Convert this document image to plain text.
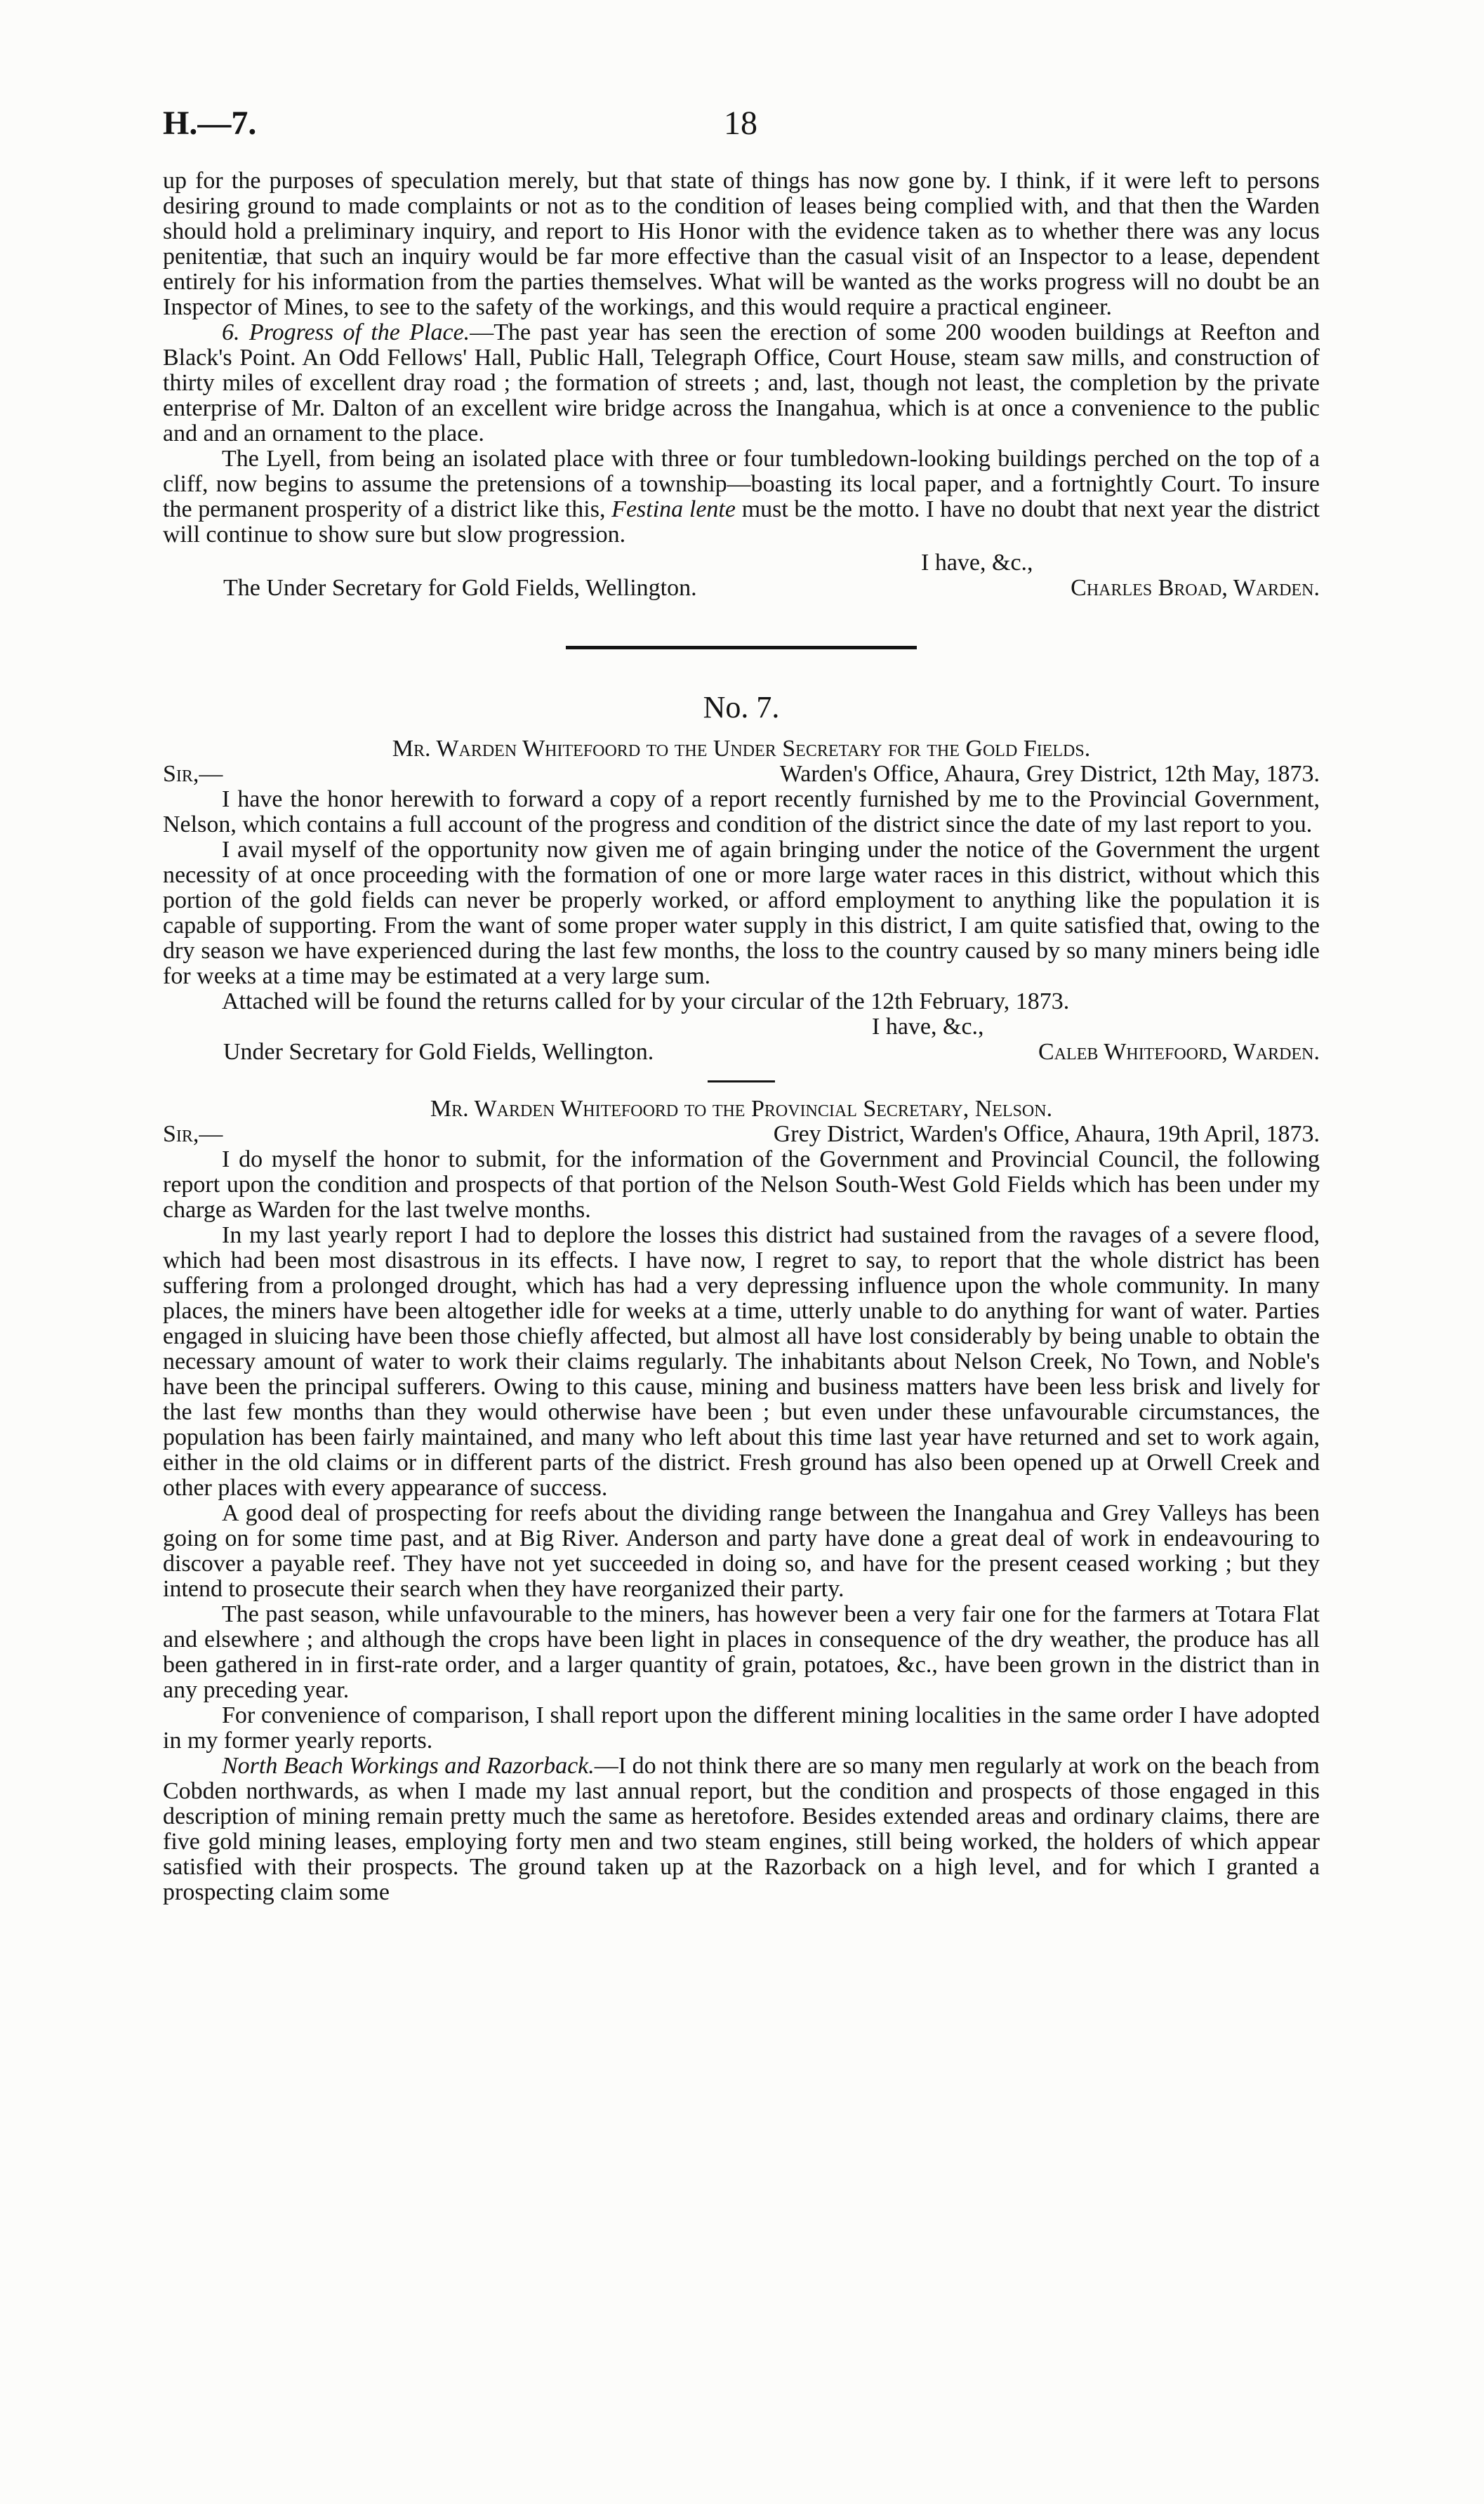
H.—7.	18

up for the purposes of speculation merely, but that state of things has now gone by. I think, if it were left to persons desiring ground to made complaints or not as to the condition of leases being complied with, and that then the Warden should hold a preliminary inquiry, and report to His Honor with the evidence taken as to whether there was any locus penitentiæ, that such an inquiry would be far more effective than the casual visit of an Inspector to a lease, dependent entirely for his information from the parties themselves. What will be wanted as the works progress will no doubt be an Inspector of Mines, to see to the safety of the workings, and this would require a practical engineer.

6. Progress of the Place.—The past year has seen the erection of some 200 wooden buildings at Reefton and Black's Point. An Odd Fellows' Hall, Public Hall, Telegraph Office, Court House, steam saw mills, and construction of thirty miles of excellent dray road ; the formation of streets ; and, last, though not least, the completion by the private enterprise of Mr. Dalton of an excellent wire bridge across the Inangahua, which is at once a convenience to the public and and an ornament to the place.

The Lyell, from being an isolated place with three or four tumbledown-looking buildings perched on the top of a cliff, now begins to assume the pretensions of a township—boasting its local paper, and a fortnightly Court. To insure the permanent prosperity of a district like this, Festina lente must be the motto. I have no doubt that next year the district will continue to show sure but slow progression.

I have, &c.,
The Under Secretary for Gold Fields, Wellington.	Charles Broad, Warden.
No. 7.
Mr. Warden Whitefoord to the Under Secretary for the Gold Fields.
Sir,—	Warden's Office, Ahaura, Grey District, 12th May, 1873.

I have the honor herewith to forward a copy of a report recently furnished by me to the Provincial Government, Nelson, which contains a full account of the progress and condition of the district since the date of my last report to you.

I avail myself of the opportunity now given me of again bringing under the notice of the Government the urgent necessity of at once proceeding with the formation of one or more large water races in this district, without which this portion of the gold fields can never be properly worked, or afford employment to anything like the population it is capable of supporting. From the want of some proper water supply in this district, I am quite satisfied that, owing to the dry season we have experienced during the last few months, the loss to the country caused by so many miners being idle for weeks at a time may be estimated at a very large sum.

Attached will be found the returns called for by your circular of the 12th February, 1873.

I have, &c.,
Under Secretary for Gold Fields, Wellington.	Caleb Whitefoord, Warden.
Mr. Warden Whitefoord to the Provincial Secretary, Nelson.
Sir,—	Grey District, Warden's Office, Ahaura, 19th April, 1873.

I do myself the honor to submit, for the information of the Government and Provincial Council, the following report upon the condition and prospects of that portion of the Nelson South-West Gold Fields which has been under my charge as Warden for the last twelve months.

In my last yearly report I had to deplore the losses this district had sustained from the ravages of a severe flood, which had been most disastrous in its effects. I have now, I regret to say, to report that the whole district has been suffering from a prolonged drought, which has had a very depressing influence upon the whole community. In many places, the miners have been altogether idle for weeks at a time, utterly unable to do anything for want of water. Parties engaged in sluicing have been those chiefly affected, but almost all have lost considerably by being unable to obtain the necessary amount of water to work their claims regularly. The inhabitants about Nelson Creek, No Town, and Noble's have been the principal sufferers. Owing to this cause, mining and business matters have been less brisk and lively for the last few months than they would otherwise have been ; but even under these unfavourable circumstances, the population has been fairly maintained, and many who left about this time last year have returned and set to work again, either in the old claims or in different parts of the district. Fresh ground has also been opened up at Orwell Creek and other places with every appearance of success.

A good deal of prospecting for reefs about the dividing range between the Inangahua and Grey Valleys has been going on for some time past, and at Big River. Anderson and party have done a great deal of work in endeavouring to discover a payable reef. They have not yet succeeded in doing so, and have for the present ceased working ; but they intend to prosecute their search when they have reorganized their party.

The past season, while unfavourable to the miners, has however been a very fair one for the farmers at Totara Flat and elsewhere ; and although the crops have been light in places in consequence of the dry weather, the produce has all been gathered in in first-rate order, and a larger quantity of grain, potatoes, &c., have been grown in the district than in any preceding year.

For convenience of comparison, I shall report upon the different mining localities in the same order I have adopted in my former yearly reports.

North Beach Workings and Razorback.—I do not think there are so many men regularly at work on the beach from Cobden northwards, as when I made my last annual report, but the condition and prospects of those engaged in this description of mining remain pretty much the same as heretofore. Besides extended areas and ordinary claims, there are five gold mining leases, employing forty men and two steam engines, still being worked, the holders of which appear satisfied with their prospects. The ground taken up at the Razorback on a high level, and for which I granted a prospecting claim some
